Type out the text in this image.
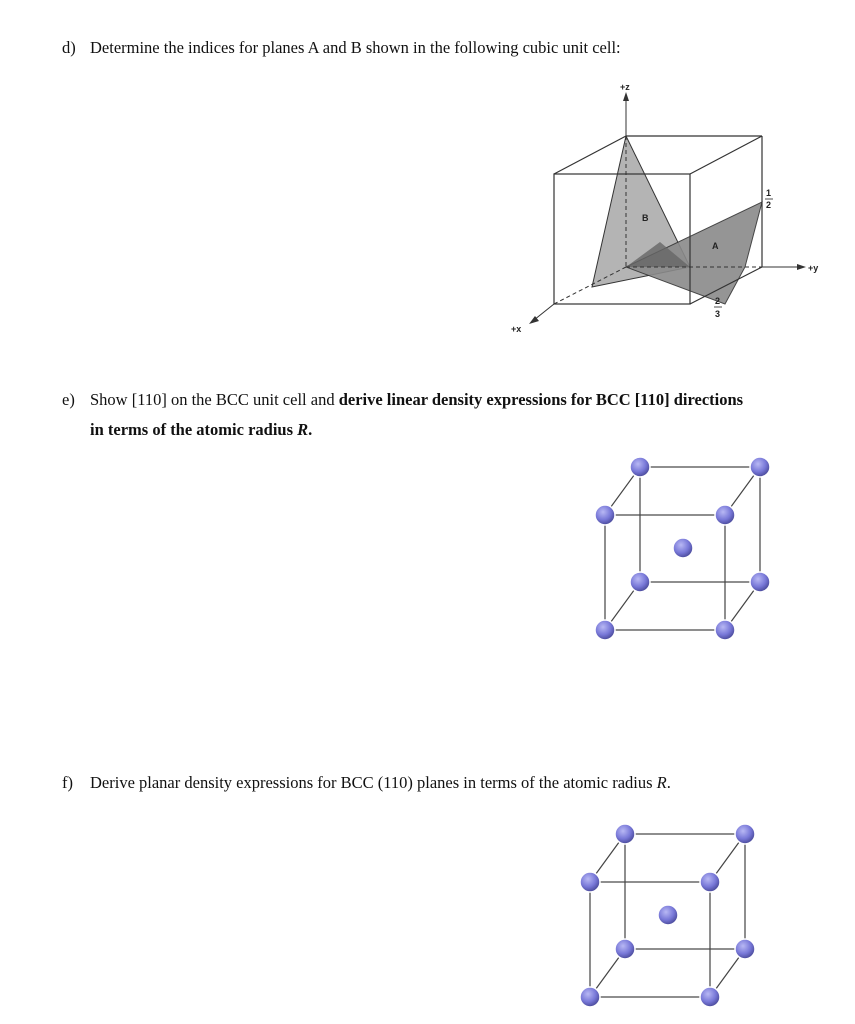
d) Determine the indices for planes A and B shown in the following cubic unit cell:
+z
+y
+x
B
A
1
2
2
3
e) Show [110] on the BCC unit cell and derive linear density expressions for BCC [110] directions
in terms of the atomic radius R.
f) Derive planar density expressions for BCC (110) planes in terms of the atomic radius R.
